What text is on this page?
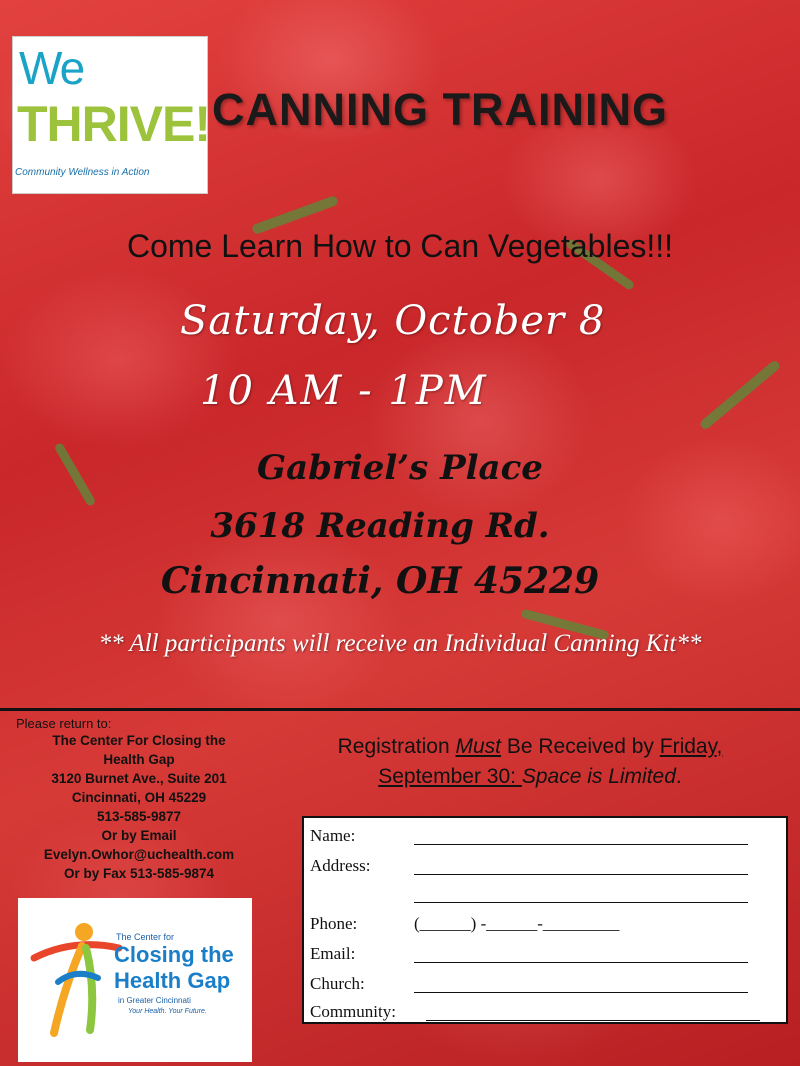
We
THRIVE!
Community Wellness in Action
CANNING TRAINING
Come Learn How to Can Vegetables!!!
Saturday, October 8
10 AM - 1PM
Gabriel’s Place
3618 Reading Rd.
Cincinnati, OH 45229
** All participants will receive an Individual Canning Kit**
Please return to:
The Center For Closing the
Health Gap
3120 Burnet Ave., Suite 201
Cincinnati, OH 45229
513-585-9877
Or by Email
Evelyn.Owhor@uchealth.com
Or by Fax 513-585-9874
The Center for
Closing the
Health Gap
in Greater Cincinnati
Your Health. Your Future.
Registration Must Be Received by Friday,
September 30: Space is Limited.
Name:
Address:
Phone:	(______) -______-_________
Email:
Church:
Community:
